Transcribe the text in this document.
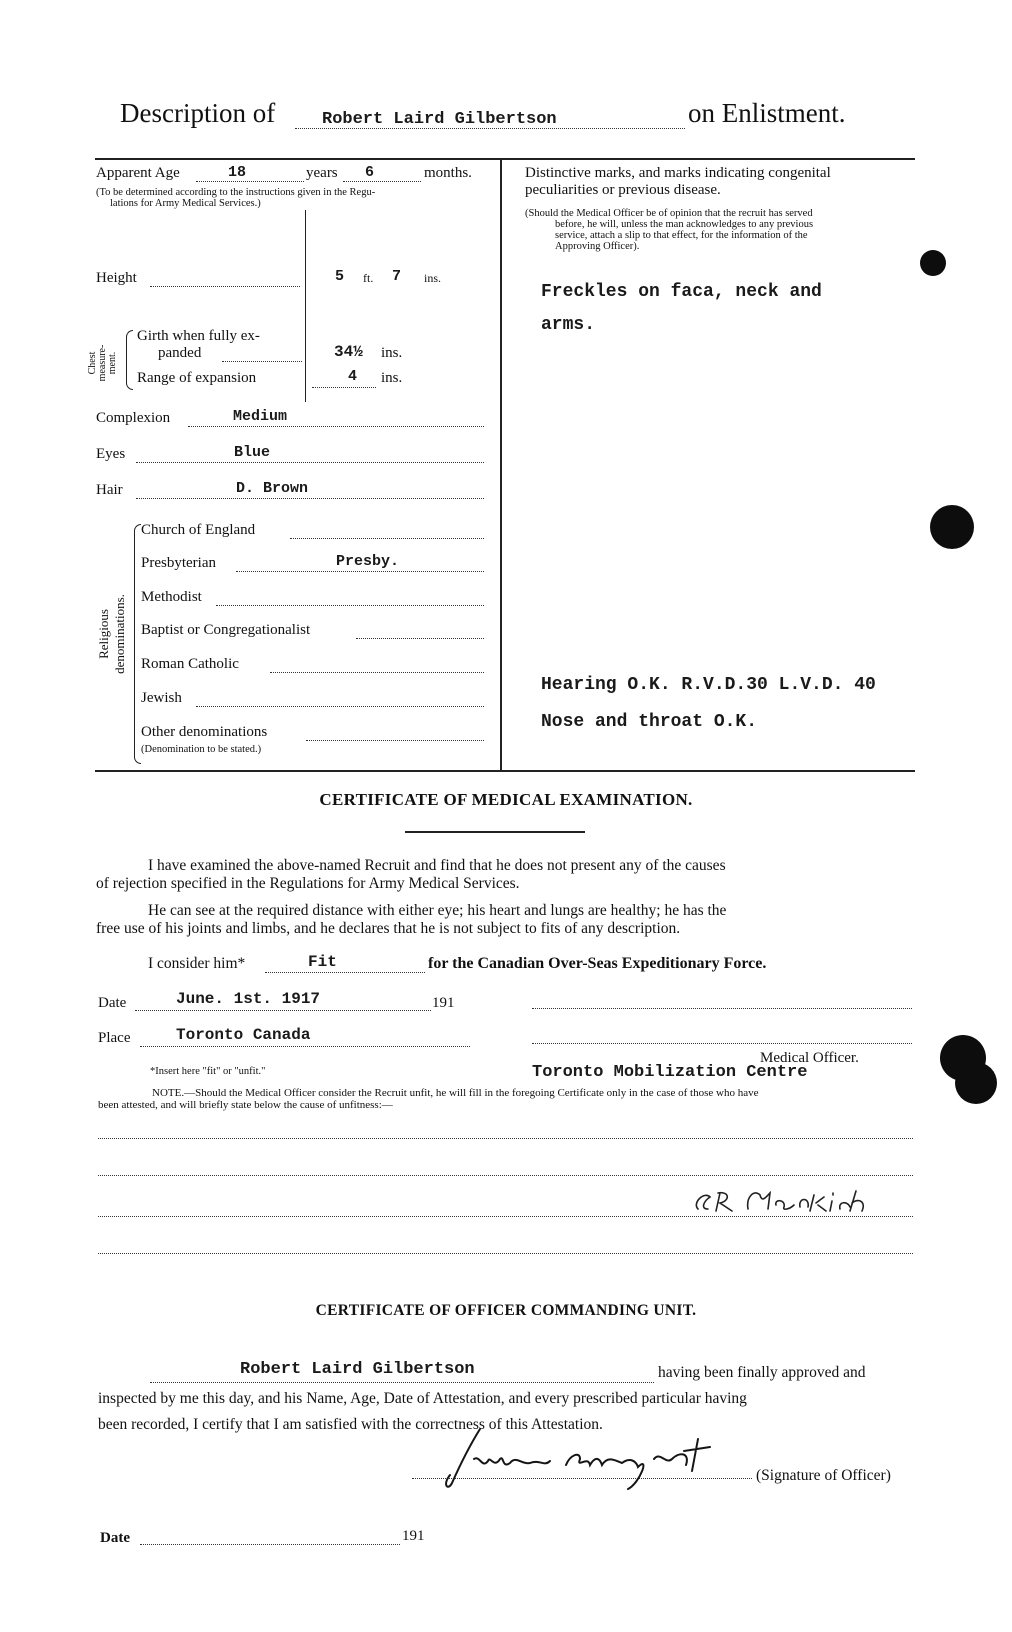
Description of	Robert Laird Gilbertson	on Enlistment.
Apparent Age	18	years 6	months.
(To be determined according to the instructions given in the Regu-
lations for Army Medical Services.)
Height	5 ft. 7 ins.
Chest measure- ment.
Girth when fully ex-
panded	34½ ins.
Range of expansion	4 ins.
Complexion	Medium
Eyes	Blue
Hair	D. Brown
Religious denominations.
Church of England
Presbyterian	Presby.
Methodist
Baptist or Congregationalist
Roman Catholic
Jewish
Other denominations
(Denomination to be stated.)
Distinctive marks, and marks indicating congenital
peculiarities or previous disease.
(Should the Medical Officer be of opinion that the recruit has served
before, he will, unless the man acknowledges to any previous
service, attach a slip to that effect, for the information of the
Approving Officer).
Freckles on faca, neck and
arms.
Hearing O.K. R.V.D.30 L.V.D. 40
Nose and throat O.K.
CERTIFICATE OF MEDICAL EXAMINATION.
I have examined the above-named Recruit and find that he does not present any of the causes
of rejection specified in the Regulations for Army Medical Services.
He can see at the required distance with either eye; his heart and lungs are healthy; he has the
free use of his joints and limbs, and he declares that he is not subject to fits of any description.
I consider him*	Fit	for the Canadian Over-Seas Expeditionary Force.
Date	June. 1st. 1917	191
Place	Toronto Canada
*Insert here "fit" or "unfit."
Medical Officer.
Toronto Mobilization Centre
NOTE.—Should the Medical Officer consider the Recruit unfit, he will fill in the foregoing Certificate only in the case of those who have
been attested, and will briefly state below the cause of unfitness:—
CERTIFICATE OF OFFICER COMMANDING UNIT.
Robert Laird Gilbertson	having been finally approved and
inspected by me this day, and his Name, Age, Date of Attestation, and every prescribed particular having
been recorded, I certify that I am satisfied with the correctness of this Attestation.
(Signature of Officer)
Date	191
